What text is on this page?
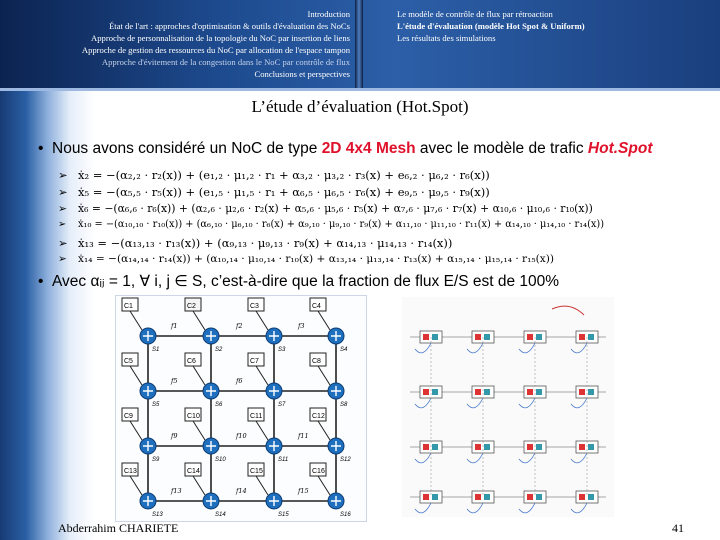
Introduction
État de l'art : approches d'optimisation & outils d'évaluation des NoCs
Approche de personnalisation de la topologie du NoC par insertion de liens
Approche de gestion des ressources du NoC par allocation de l'espace tampon
Approche d'évitement de la congestion dans le NoC par contrôle de flux
Conclusions et perspectives
Le modèle de contrôle de flux par rétroaction
L'étude d'évaluation (modèle Hot Spot & Uniform)
Les résultats des simulations
L’étude d’évaluation (Hot.Spot)
• Nous avons considéré un NoC de type 2D 4x4 Mesh avec le modèle de trafic Hot.Spot
➢ ẋ₂ = −(α₂,₂ · r₂(x)) + (e₁,₂ · μ₁,₂ · r₁ + α₃,₂ · μ₃,₂ · r₃(x) + e₆,₂ · μ₆,₂ · r₆(x))
➢ ẋ₅ = −(α₅,₅ · r₅(x)) + (e₁,₅ · μ₁,₅ · r₁ + α₆,₅ · μ₆,₅ · r₆(x) + e₉,₅ · μ₉,₅ · r₉(x))
➢ ẋ₆ = −(α₆,₆ · r₆(x)) + (α₂,₆ · μ₂,₆ · r₂(x) + α₅,₆ · μ₅,₆ · r₅(x) + α₇,₆ · μ₇,₆ · r₇(x) + α₁₀,₆ · μ₁₀,₆ · r₁₀(x))
➢ ẋ₁₀ = −(α₁₀,₁₀ · r₁₀(x)) + (α₆,₁₀ · μ₆,₁₀ · r₆(x) + α₉,₁₀ · μ₉,₁₀ · r₉(x) + α₁₁,₁₀ · μ₁₁,₁₀ · r₁₁(x) + α₁₄,₁₀ · μ₁₄,₁₀ · r₁₄(x))
➢ ẋ₁₃ = −(α₁₃,₁₃ · r₁₃(x)) + (α₉,₁₃ · μ₉,₁₃ · r₉(x) + α₁₄,₁₃ · μ₁₄,₁₃ · r₁₄(x))
➢ ẋ₁₄ = −(α₁₄,₁₄ · r₁₄(x)) + (α₁₀,₁₄ · μ₁₀,₁₄ · r₁₀(x) + α₁₃,₁₄ · μ₁₃,₁₄ · r₁₃(x) + α₁₅,₁₄ · μ₁₅,₁₄ · r₁₅(x))
• Avec αᵢⱼ = 1, ∀ i, j ∈ S, c’est-à-dire que la fraction de flux E/S est de 100%
C1
S1
C2
S2
C3
S3
C4
S4
C5
S5
C6
S6
C7
S7
C8
S8
C9
S9
C10
S10
C11
S11
C12
S12
C13
S13
C14
S14
C15
S15
C16
S16
f1	f2	f3
f5	f6
f9	f10	f11
f13	f14	f15
Abderrahim CHARIETE	41
